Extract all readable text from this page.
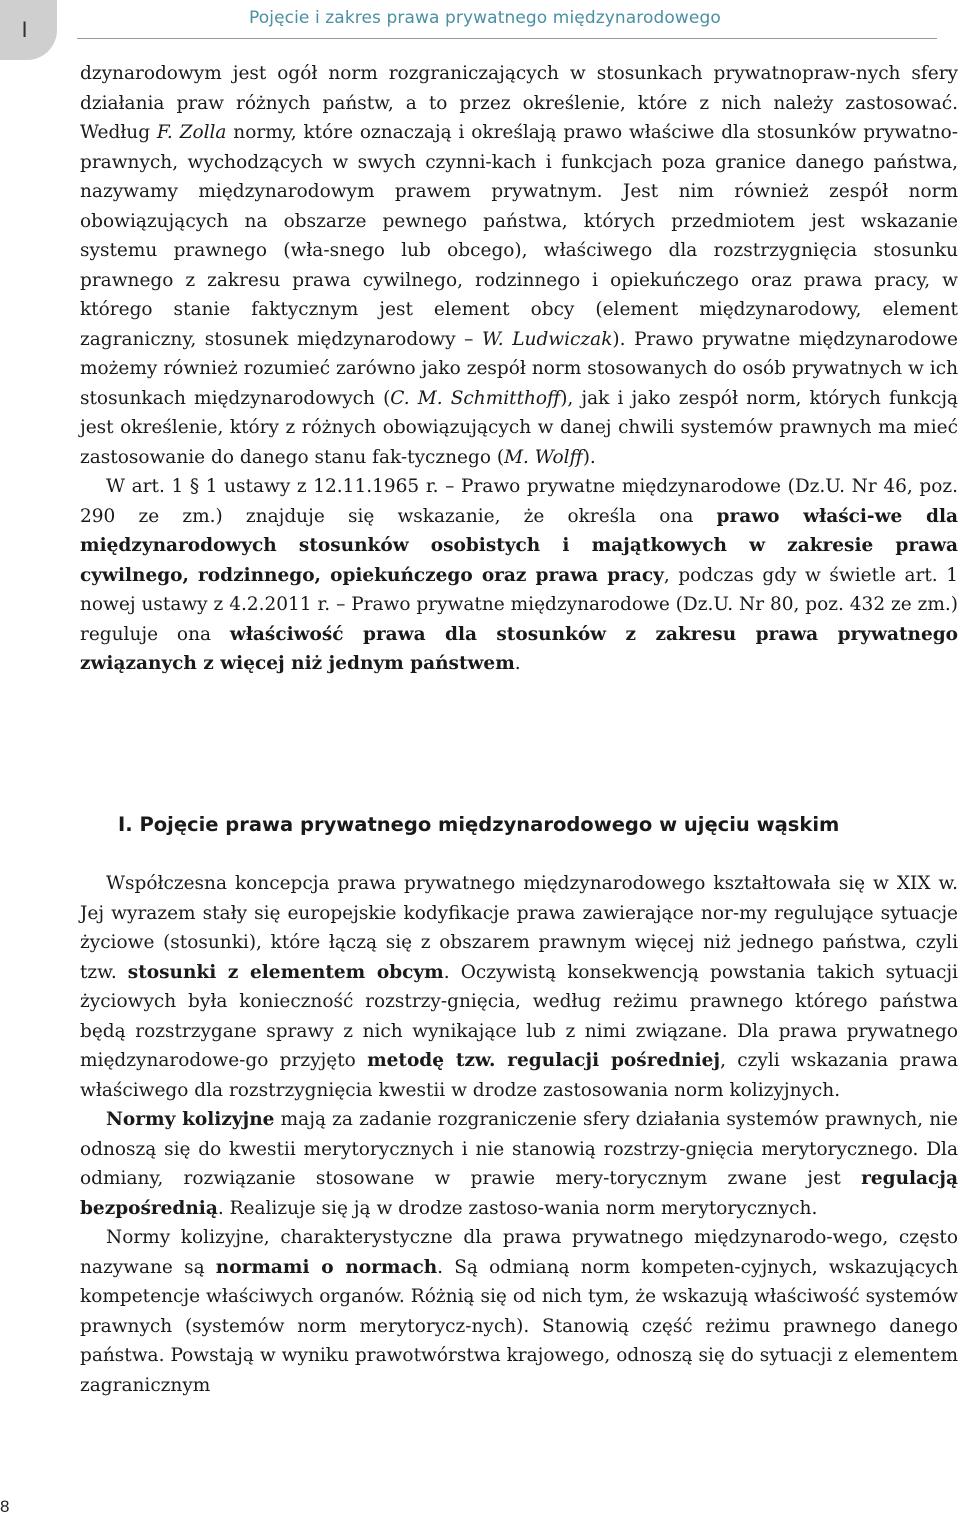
I	Pojęcie i zakres prawa prywatnego międzynarodowego

dzynarodowym jest ogół norm rozgraniczających w stosunkach prywatnopraw-nych sfery działania praw różnych państw, a to przez określenie, które z nich należy zastosować. Według F. Zolla normy, które oznaczają i określają prawo właściwe dla stosunków prywatno-prawnych, wychodzących w swych czynni-kach i funkcjach poza granice danego państwa, nazywamy międzynarodowym prawem prywatnym. Jest nim również zespół norm obowiązujących na obszarze pewnego państwa, których przedmiotem jest wskazanie systemu prawnego (wła-snego lub obcego), właściwego dla rozstrzygnięcia stosunku prawnego z zakresu prawa cywilnego, rodzinnego i opiekuńczego oraz prawa pracy, w którego stanie faktycznym jest element obcy (element międzynarodowy, element zagraniczny, stosunek międzynarodowy – W. Ludwiczak). Prawo prywatne międzynarodowe możemy również rozumieć zarówno jako zespół norm stosowanych do osób prywatnych w ich stosunkach międzynarodowych (C. M. Schmitthoff), jak i jako zespół norm, których funkcją jest określenie, który z różnych obowiązujących w danej chwili systemów prawnych ma mieć zastosowanie do danego stanu fak-tycznego (M. Wolff).

W art. 1 § 1 ustawy z 12.11.1965 r. – Prawo prywatne międzynarodowe (Dz.U. Nr 46, poz. 290 ze zm.) znajduje się wskazanie, że określa ona prawo właści-we dla międzynarodowych stosunków osobistych i majątkowych w zakresie prawa cywilnego, rodzinnego, opiekuńczego oraz prawa pracy, podczas gdy w świetle art. 1 nowej ustawy z 4.2.2011 r. – Prawo prywatne międzynarodowe (Dz.U. Nr 80, poz. 432 ze zm.) reguluje ona właściwość prawa dla stosunków z zakresu prawa prywatnego związanych z więcej niż jednym państwem.

I. Pojęcie prawa prywatnego międzynarodowego w ujęciu wąskim

Współczesna koncepcja prawa prywatnego międzynarodowego kształtowała się w XIX w. Jej wyrazem stały się europejskie kodyfikacje prawa zawierające nor-my regulujące sytuacje życiowe (stosunki), które łączą się z obszarem prawnym więcej niż jednego państwa, czyli tzw. stosunki z elementem obcym. Oczywistą konsekwencją powstania takich sytuacji życiowych była konieczność rozstrzy-gnięcia, według reżimu prawnego którego państwa będą rozstrzygane sprawy z nich wynikające lub z nimi związane. Dla prawa prywatnego międzynarodowe-go przyjęto metodę tzw. regulacji pośredniej, czyli wskazania prawa właściwego dla rozstrzygnięcia kwestii w drodze zastosowania norm kolizyjnych.

Normy kolizyjne mają za zadanie rozgraniczenie sfery działania systemów prawnych, nie odnoszą się do kwestii merytorycznych i nie stanowią rozstrzy-gnięcia merytorycznego. Dla odmiany, rozwiązanie stosowane w prawie mery-torycznym zwane jest regulacją bezpośrednią. Realizuje się ją w drodze zastoso-wania norm merytorycznych.

Normy kolizyjne, charakterystyczne dla prawa prywatnego międzynarodo-wego, często nazywane są normami o normach. Są odmianą norm kompeten-cyjnych, wskazujących kompetencje właściwych organów. Różnią się od nich tym, że wskazują właściwość systemów prawnych (systemów norm merytorycz-nych). Stanowią część reżimu prawnego danego państwa. Powstają w wyniku prawotwórstwa krajowego, odnoszą się do sytuacji z elementem zagranicznym

8
